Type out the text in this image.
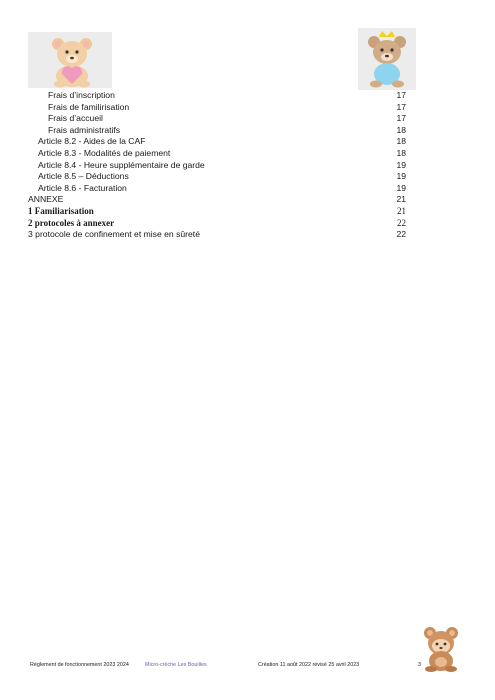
Frais d’inscription	17
Frais de familirisation	17
Frais d’accueil	17
Frais administratifs	18
Article 8.2 - Aides de la CAF	18
Article 8.3 - Modalités de paiement	18
Article 8.4 - Heure supplémentaire de garde	19
Article 8.5 – Déductions	19
Article 8.6 - Facturation	19
ANNEXE	21
1 Familiarisation	21
2 protocoles à annexer	22
3 protocole de confinement et mise en sûreté	22
Règlement de fonctionnement 2023 2024	Micro-crèche Les Bouilles	Création 11 août 2022 révisé 25 avril 2023	3
